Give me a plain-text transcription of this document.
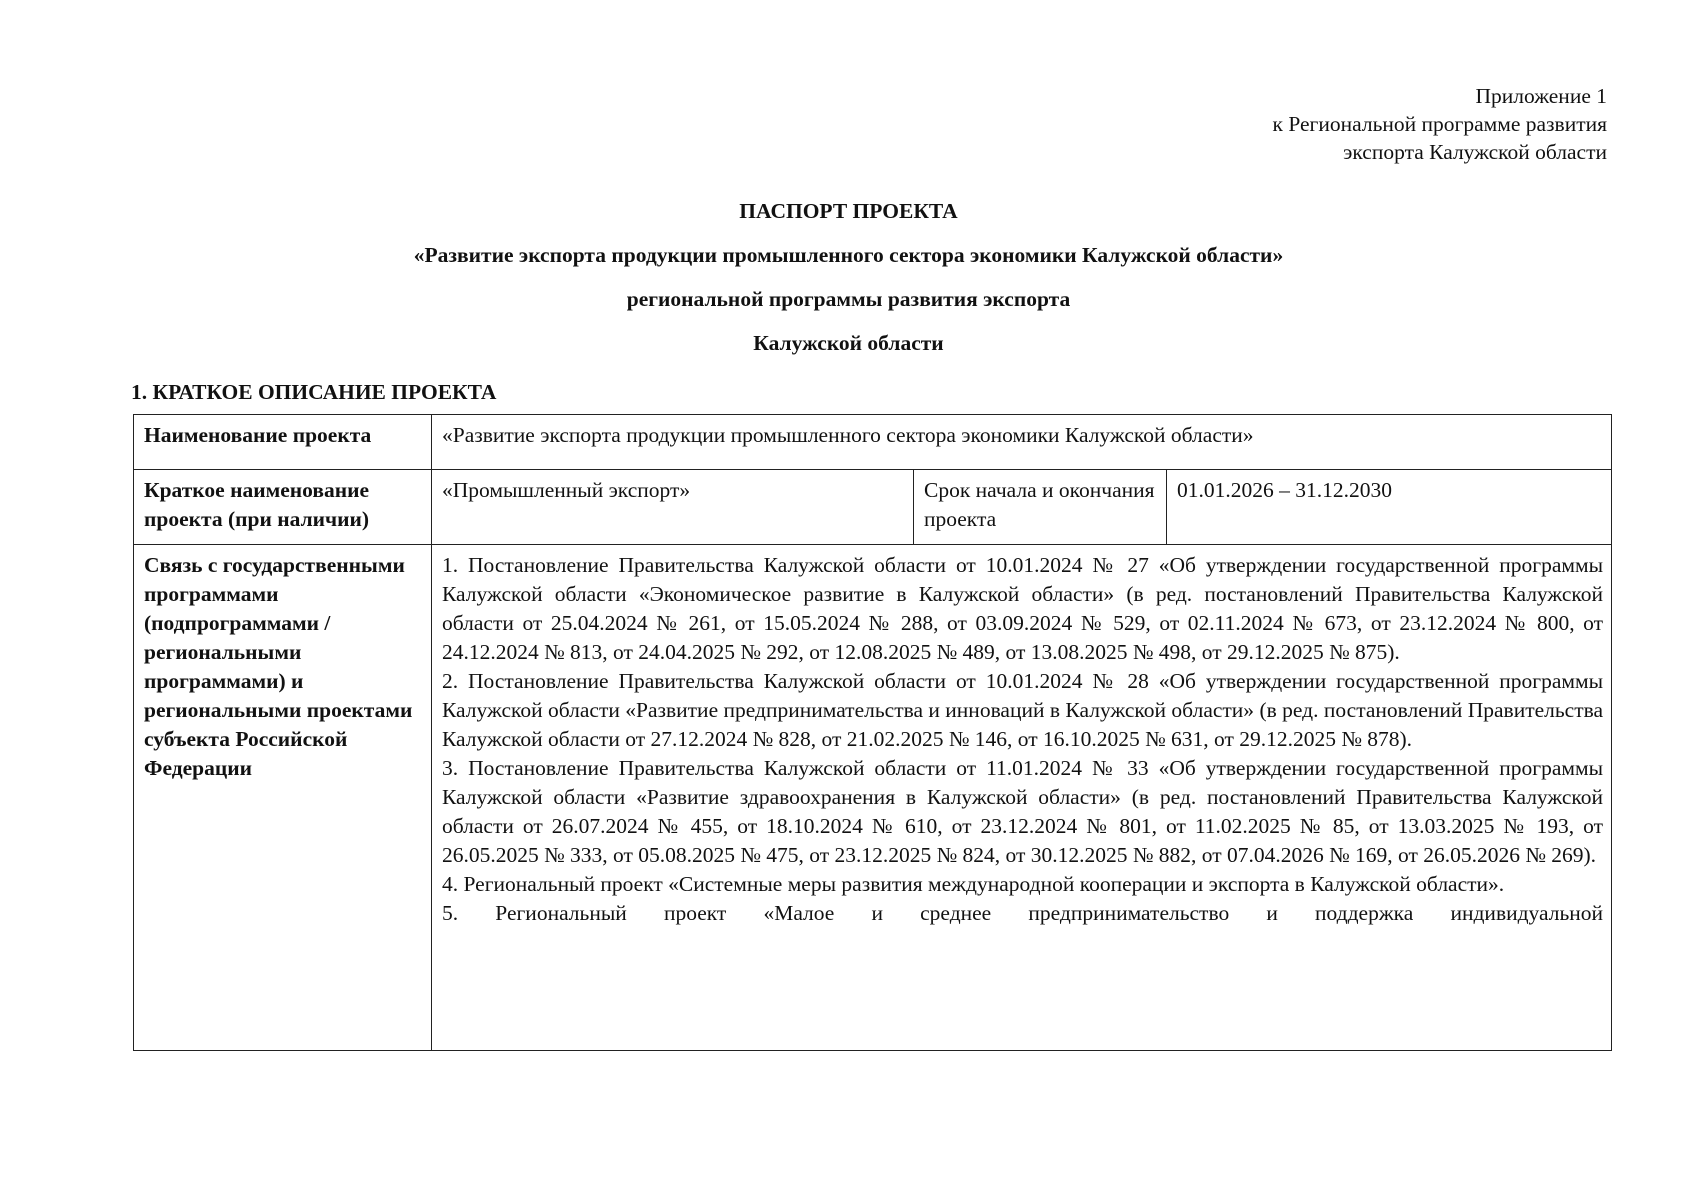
Приложение 1
к Региональной программе развития
экспорта Калужской области
ПАСПОРТ ПРОЕКТА
«Развитие экспорта продукции промышленного сектора экономики Калужской области»
региональной программы развития экспорта
Калужской области
1. КРАТКОЕ ОПИСАНИЕ ПРОЕКТА
Наименование проекта	«Развитие экспорта продукции промышленного сектора экономики Калужской области»		
Краткое наименование проекта (при наличии)	«Промышленный экспорт»	Срок начала и окончания проекта	01.01.2026 – 31.12.2030
Связь с государственными программами (подпрограммами / региональными программами) и региональными проектами субъекта Российской Федерации	1. Постановление Правительства Калужской области от 10.01.2024 № 27 «Об утверждении государственной программы Калужской области «Экономическое развитие в Калужской области» (в ред. постановлений Правительства Калужской области от 25.04.2024 № 261, от 15.05.2024 № 288, от 03.09.2024 № 529, от 02.11.2024 № 673, от 23.12.2024 № 800, от 24.12.2024 № 813, от 24.04.2025 № 292, от 12.08.2025 № 489, от 13.08.2025 № 498, от 29.12.2025 № 875).
2. Постановление Правительства Калужской области от 10.01.2024 № 28 «Об утверждении государственной программы Калужской области «Развитие предпринимательства и инноваций в Калужской области» (в ред. постановлений Правительства Калужской области от 27.12.2024 № 828, от 21.02.2025 № 146, от 16.10.2025 № 631, от 29.12.2025 № 878).
3. Постановление Правительства Калужской области от 11.01.2024 № 33 «Об утверждении государственной программы Калужской области «Развитие здравоохранения в Калужской области» (в ред. постановлений Правительства Калужской области от 26.07.2024 № 455, от 18.10.2024 № 610, от 23.12.2024 № 801, от 11.02.2025 № 85, от 13.03.2025 № 193, от 26.05.2025 № 333, от 05.08.2025 № 475, от 23.12.2025 № 824, от 30.12.2025 № 882, от 07.04.2026 № 169, от 26.05.2026 № 269).
4. Региональный проект «Системные меры развития международной кооперации и экспорта в Калужской области».
5. Региональный проект «Малое и среднее предпринимательство и поддержка индивидуальной		
